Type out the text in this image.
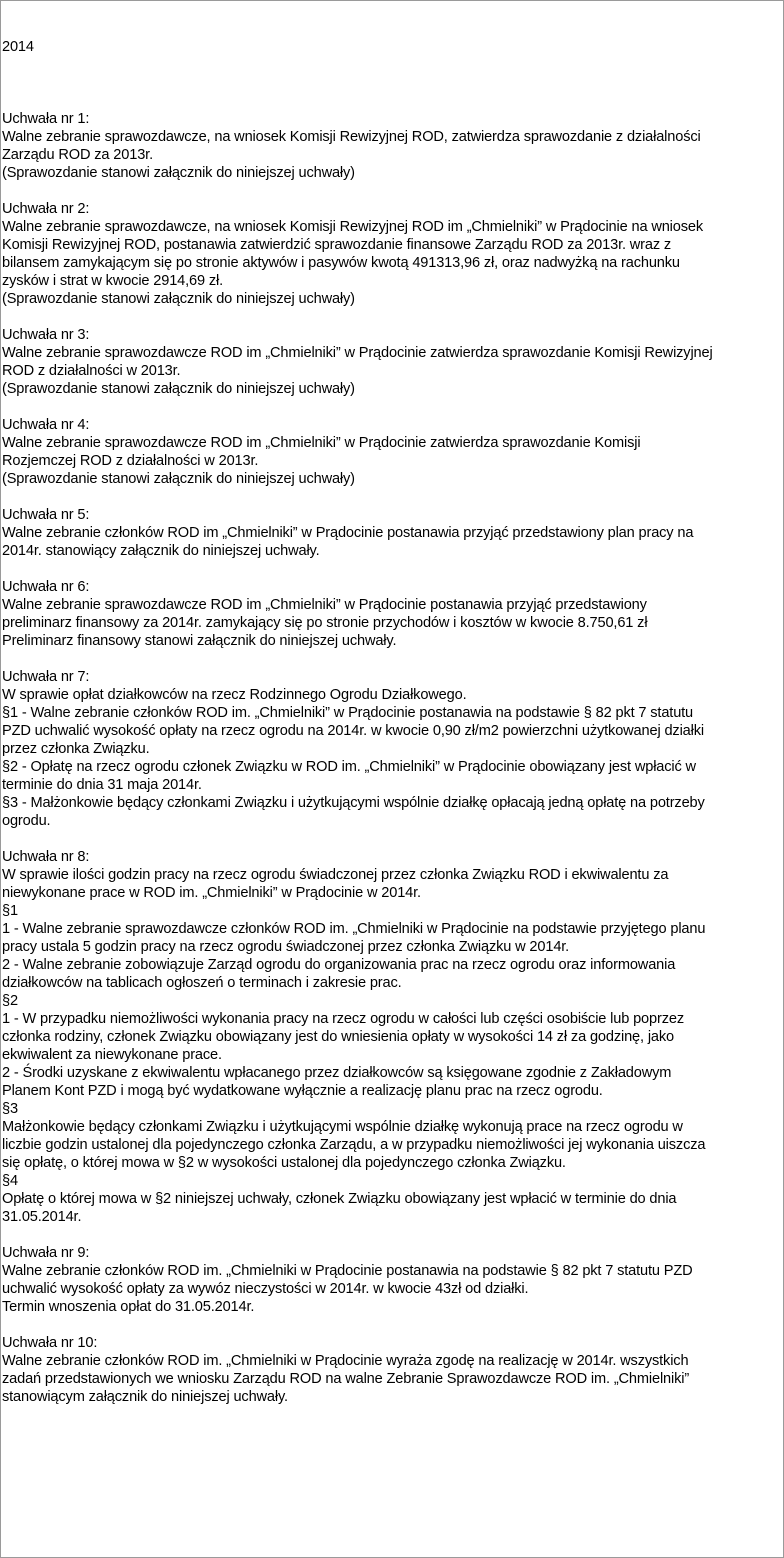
2014

Uchwała nr 1:
Walne zebranie sprawozdawcze, na wniosek Komisji Rewizyjnej ROD, zatwierdza sprawozdanie z działalności
Zarządu ROD za 2013r.
(Sprawozdanie stanowi załącznik do niniejszej uchwały)
Uchwała nr 2:
Walne zebranie sprawozdawcze, na wniosek Komisji Rewizyjnej ROD im „Chmielniki” w Prądocinie na wniosek
Komisji Rewizyjnej ROD, postanawia zatwierdzić sprawozdanie finansowe Zarządu ROD za 2013r. wraz z
bilansem zamykającym się po stronie aktywów i pasywów kwotą 491313,96 zł, oraz nadwyżką na rachunku
zysków i strat w kwocie 2914,69 zł.
(Sprawozdanie stanowi załącznik do niniejszej uchwały)
Uchwała nr 3:
Walne zebranie sprawozdawcze ROD im „Chmielniki” w Prądocinie zatwierdza sprawozdanie Komisji Rewizyjnej
ROD z działalności w 2013r.
(Sprawozdanie stanowi załącznik do niniejszej uchwały)
Uchwała nr 4:
Walne zebranie sprawozdawcze ROD im „Chmielniki” w Prądocinie zatwierdza sprawozdanie Komisji
Rozjemczej ROD z działalności w 2013r.
(Sprawozdanie stanowi załącznik do niniejszej uchwały)
Uchwała nr 5:
Walne zebranie członków ROD im „Chmielniki” w Prądocinie postanawia przyjąć przedstawiony plan pracy na
2014r. stanowiący załącznik do niniejszej uchwały.
Uchwała nr 6:
Walne zebranie sprawozdawcze ROD im „Chmielniki” w Prądocinie postanawia przyjąć przedstawiony
preliminarz finansowy za 2014r. zamykający się po stronie przychodów i kosztów w kwocie 8.750,61 zł
Preliminarz finansowy stanowi załącznik do niniejszej uchwały.
Uchwała nr 7:
W sprawie opłat działkowców na rzecz Rodzinnego Ogrodu Działkowego.
§1 - Walne zebranie członków ROD im. „Chmielniki” w Prądocinie postanawia na podstawie § 82 pkt 7 statutu
PZD uchwalić wysokość opłaty na rzecz ogrodu na 2014r. w kwocie 0,90 zł/m2 powierzchni użytkowanej działki
przez członka Związku.
§2 - Opłatę na rzecz ogrodu członek Związku w ROD im. „Chmielniki” w Prądocinie obowiązany jest wpłacić w
terminie do dnia 31 maja 2014r.
§3 - Małżonkowie będący członkami Związku i użytkującymi wspólnie działkę opłacają jedną opłatę na potrzeby
ogrodu.
Uchwała nr 8:
W sprawie ilości godzin pracy na rzecz ogrodu świadczonej przez członka Związku ROD i ekwiwalentu za
niewykonane prace w ROD im. „Chmielniki” w Prądocinie w 2014r.
§1
1 - Walne zebranie sprawozdawcze członków ROD im. „Chmielniki w Prądocinie na podstawie przyjętego planu
pracy ustala 5 godzin pracy na rzecz ogrodu świadczonej przez członka Związku w 2014r.
2 - Walne zebranie zobowiązuje Zarząd ogrodu do organizowania prac na rzecz ogrodu oraz informowania
działkowców na tablicach ogłoszeń o terminach i zakresie prac.
§2
1 - W przypadku niemożliwości wykonania pracy na rzecz ogrodu w całości lub części osobiście lub poprzez
członka rodziny, członek Związku obowiązany jest do wniesienia opłaty w wysokości 14 zł za godzinę, jako
ekwiwalent za niewykonane prace.
2 - Środki uzyskane z ekwiwalentu wpłacanego przez działkowców są księgowane zgodnie z Zakładowym
Planem Kont PZD i mogą być wydatkowane wyłącznie a realizację planu prac na rzecz ogrodu.
§3
Małżonkowie będący członkami Związku i użytkującymi wspólnie działkę wykonują prace na rzecz ogrodu w
liczbie godzin ustalonej dla pojedynczego członka Zarządu, a w przypadku niemożliwości jej wykonania uiszcza
się opłatę, o której mowa w §2 w wysokości ustalonej dla pojedynczego członka Związku.
§4
Opłatę o której mowa w §2 niniejszej uchwały, członek Związku obowiązany jest wpłacić w terminie do dnia
31.05.2014r.
Uchwała nr 9:
Walne zebranie członków ROD im. „Chmielniki w Prądocinie postanawia na podstawie § 82 pkt 7 statutu PZD
uchwalić wysokość opłaty za wywóz nieczystości w 2014r. w kwocie 43zł od działki.
Termin wnoszenia opłat do 31.05.2014r.
Uchwała nr 10:
Walne zebranie członków ROD im. „Chmielniki w Prądocinie wyraża zgodę na realizację w 2014r. wszystkich
zadań przedstawionych we wniosku Zarządu ROD na walne Zebranie Sprawozdawcze ROD im. „Chmielniki”
stanowiącym załącznik do niniejszej uchwały.
